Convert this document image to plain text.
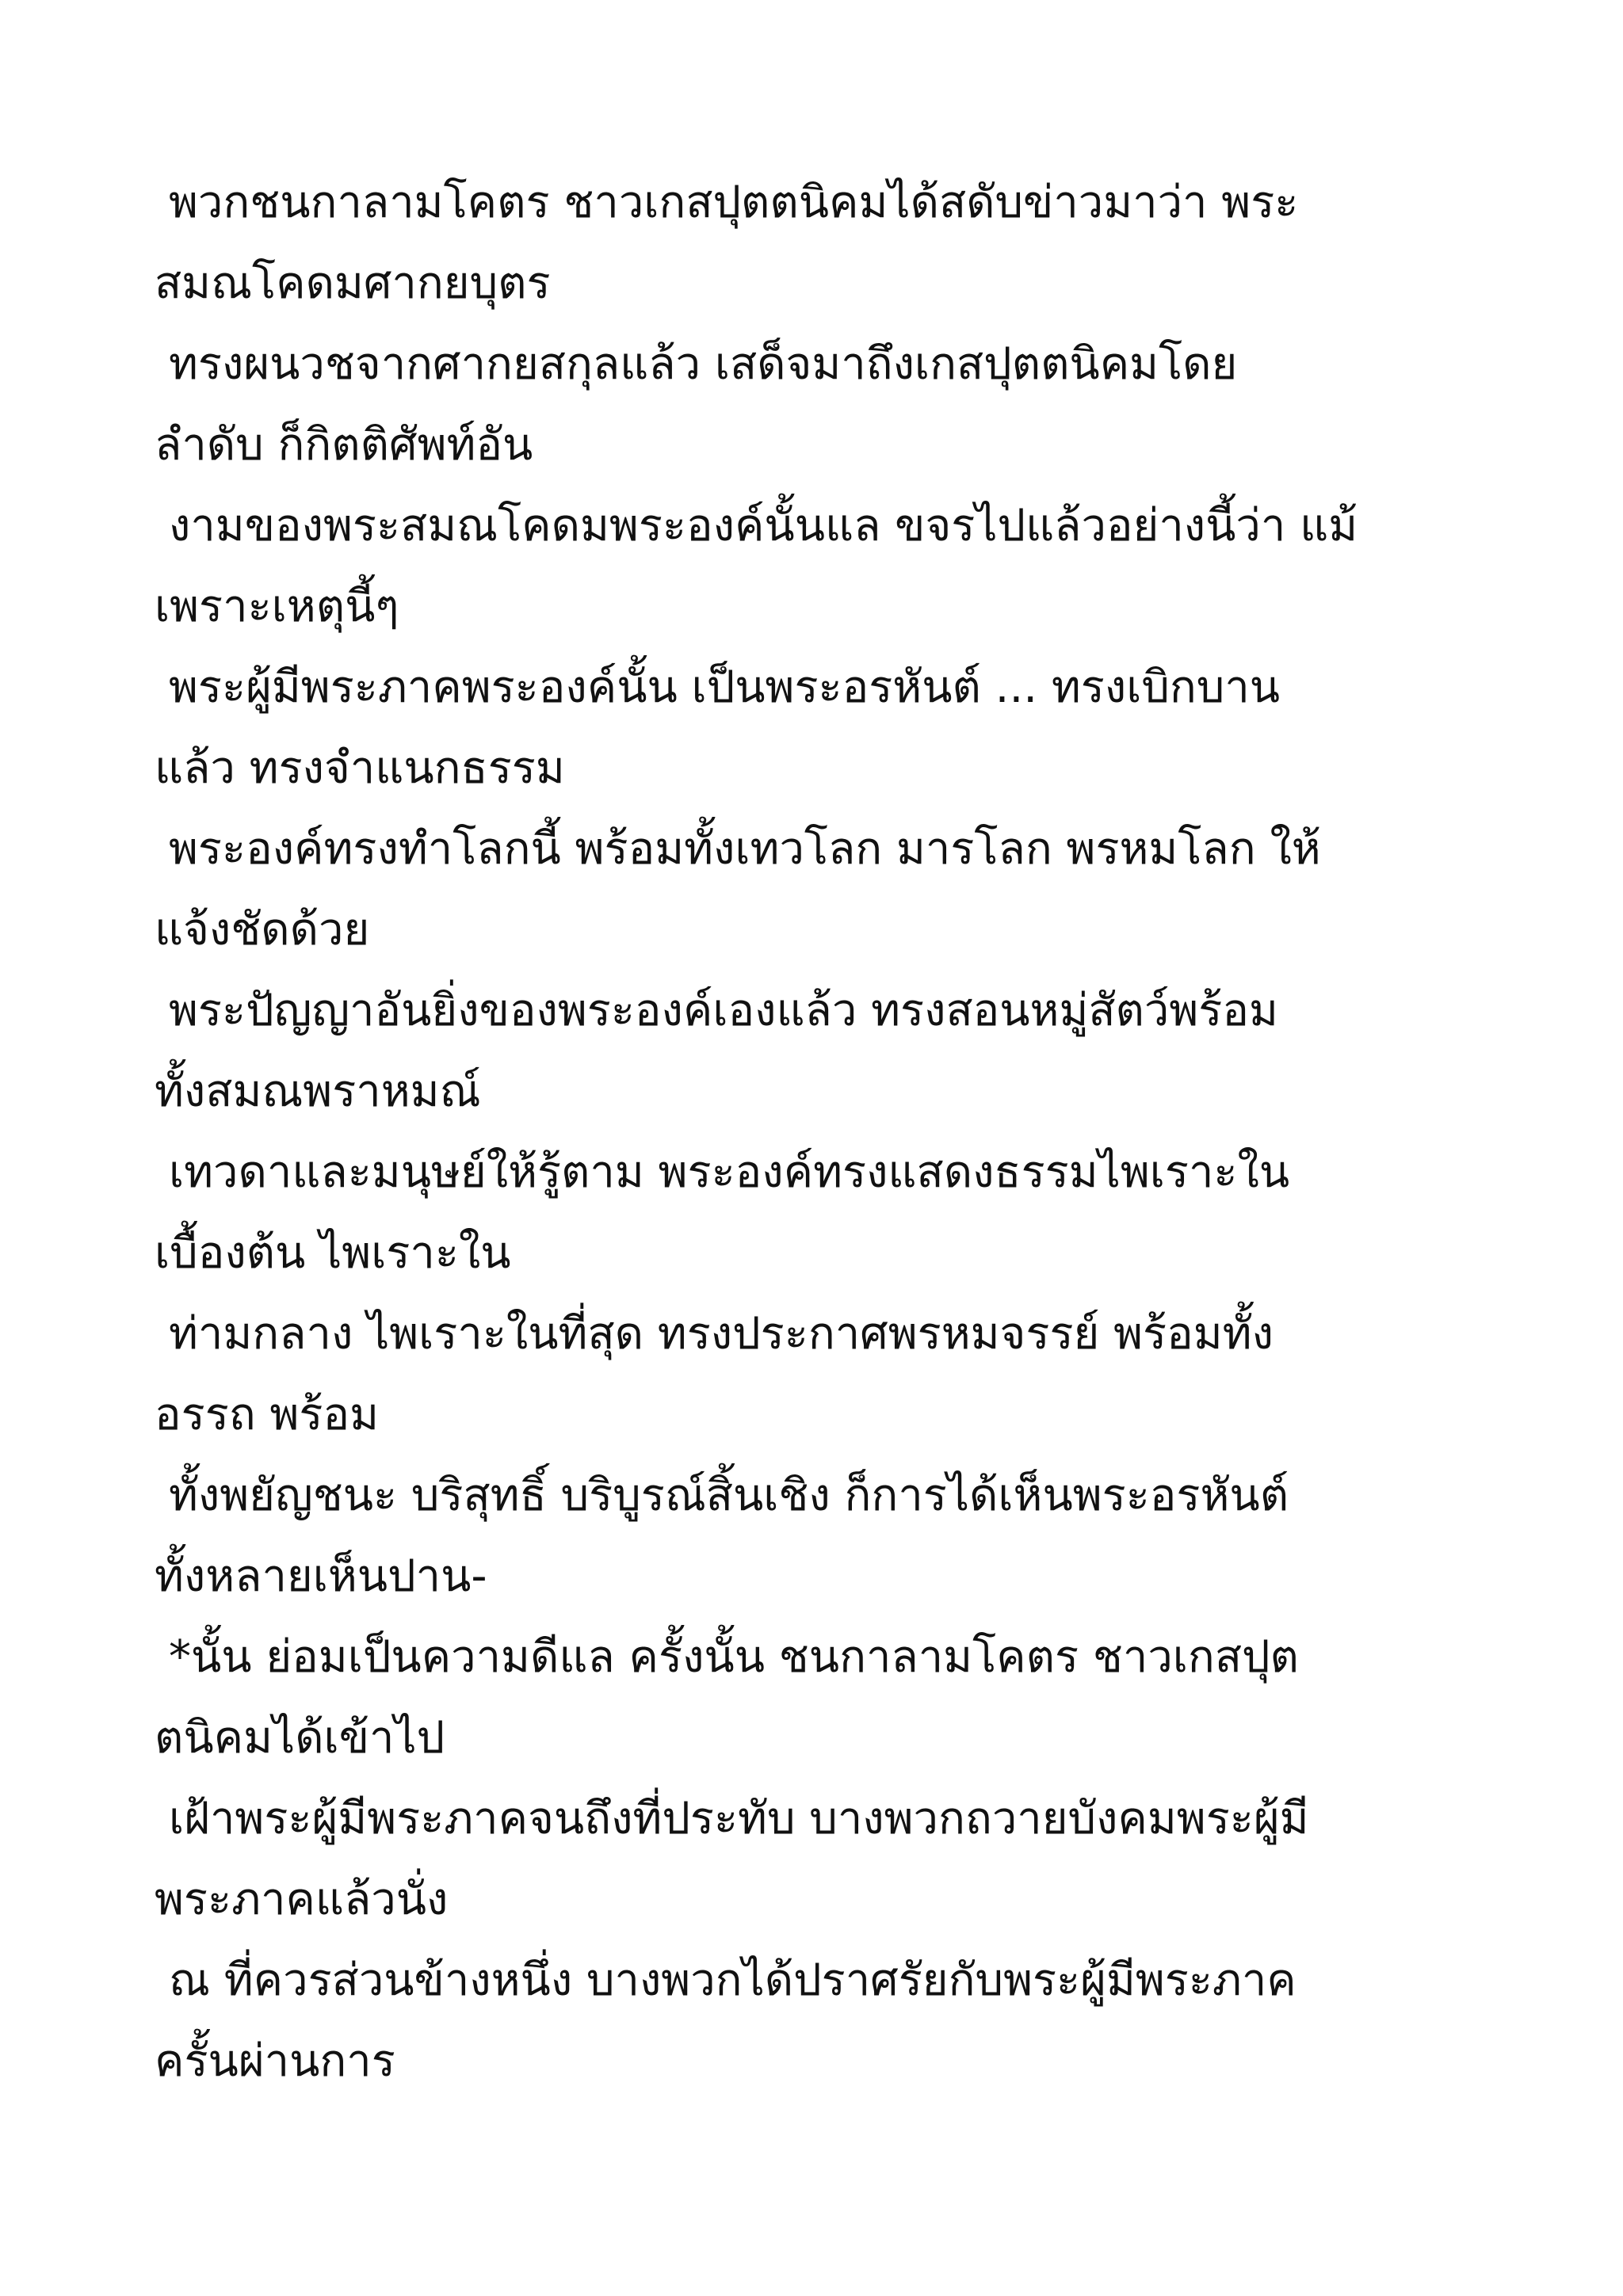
พวกชนกาลามโคตร ชาวเกสปุตตนิคมได้สดับข่าวมาว่า พระ
สมณโคดมศากยบุตร

ทรงผนวชจากศากยสกุลแล้ว เสด็จมาถึงเกสปุตตนิคมโดย
ลำดับ ก็กิตติศัพท์อัน

งามของพระสมณโคดมพระองค์นั้นแล ขจรไปแล้วอย่างนี้ว่า แม้
เพราะเหตุนี้ๆ

พระผู้มีพระภาคพระองค์นั้น เป็นพระอรหันต์ ... ทรงเบิกบาน
แล้ว ทรงจำแนกธรรม

พระองค์ทรงทำโลกนี้ พร้อมทั้งเทวโลก มารโลก พรหมโลก ให้
แจ้งชัดด้วย

พระปัญญาอันยิ่งของพระองค์เองแล้ว ทรงสอนหมู่สัตว์พร้อม
ทั้งสมณพราหมณ์

เทวดาและมนุษย์ให้รู้ตาม พระองค์ทรงแสดงธรรมไพเราะใน
เบื้องต้น ไพเราะใน

ท่ามกลาง ไพเราะในที่สุด ทรงประกาศพรหมจรรย์ พร้อมทั้ง
อรรถ พร้อม

ทั้งพยัญชนะ บริสุทธิ์ บริบูรณ์สิ้นเชิง ก็การได้เห็นพระอรหันต์
ทั้งหลายเห็นปาน-

*นั้น ย่อมเป็นความดีแล ครั้งนั้น ชนกาลามโคตร ชาวเกสปุต
ตนิคมได้เข้าไป

เฝ้าพระผู้มีพระภาคจนถึงที่ประทับ บางพวกถวายบังคมพระผู้มี
พระภาคแล้วนั่ง

ณ ที่ควรส่วนข้างหนึ่ง บางพวกได้ปราศรัยกับพระผู้มีพระภาค
ครั้นผ่านการ
